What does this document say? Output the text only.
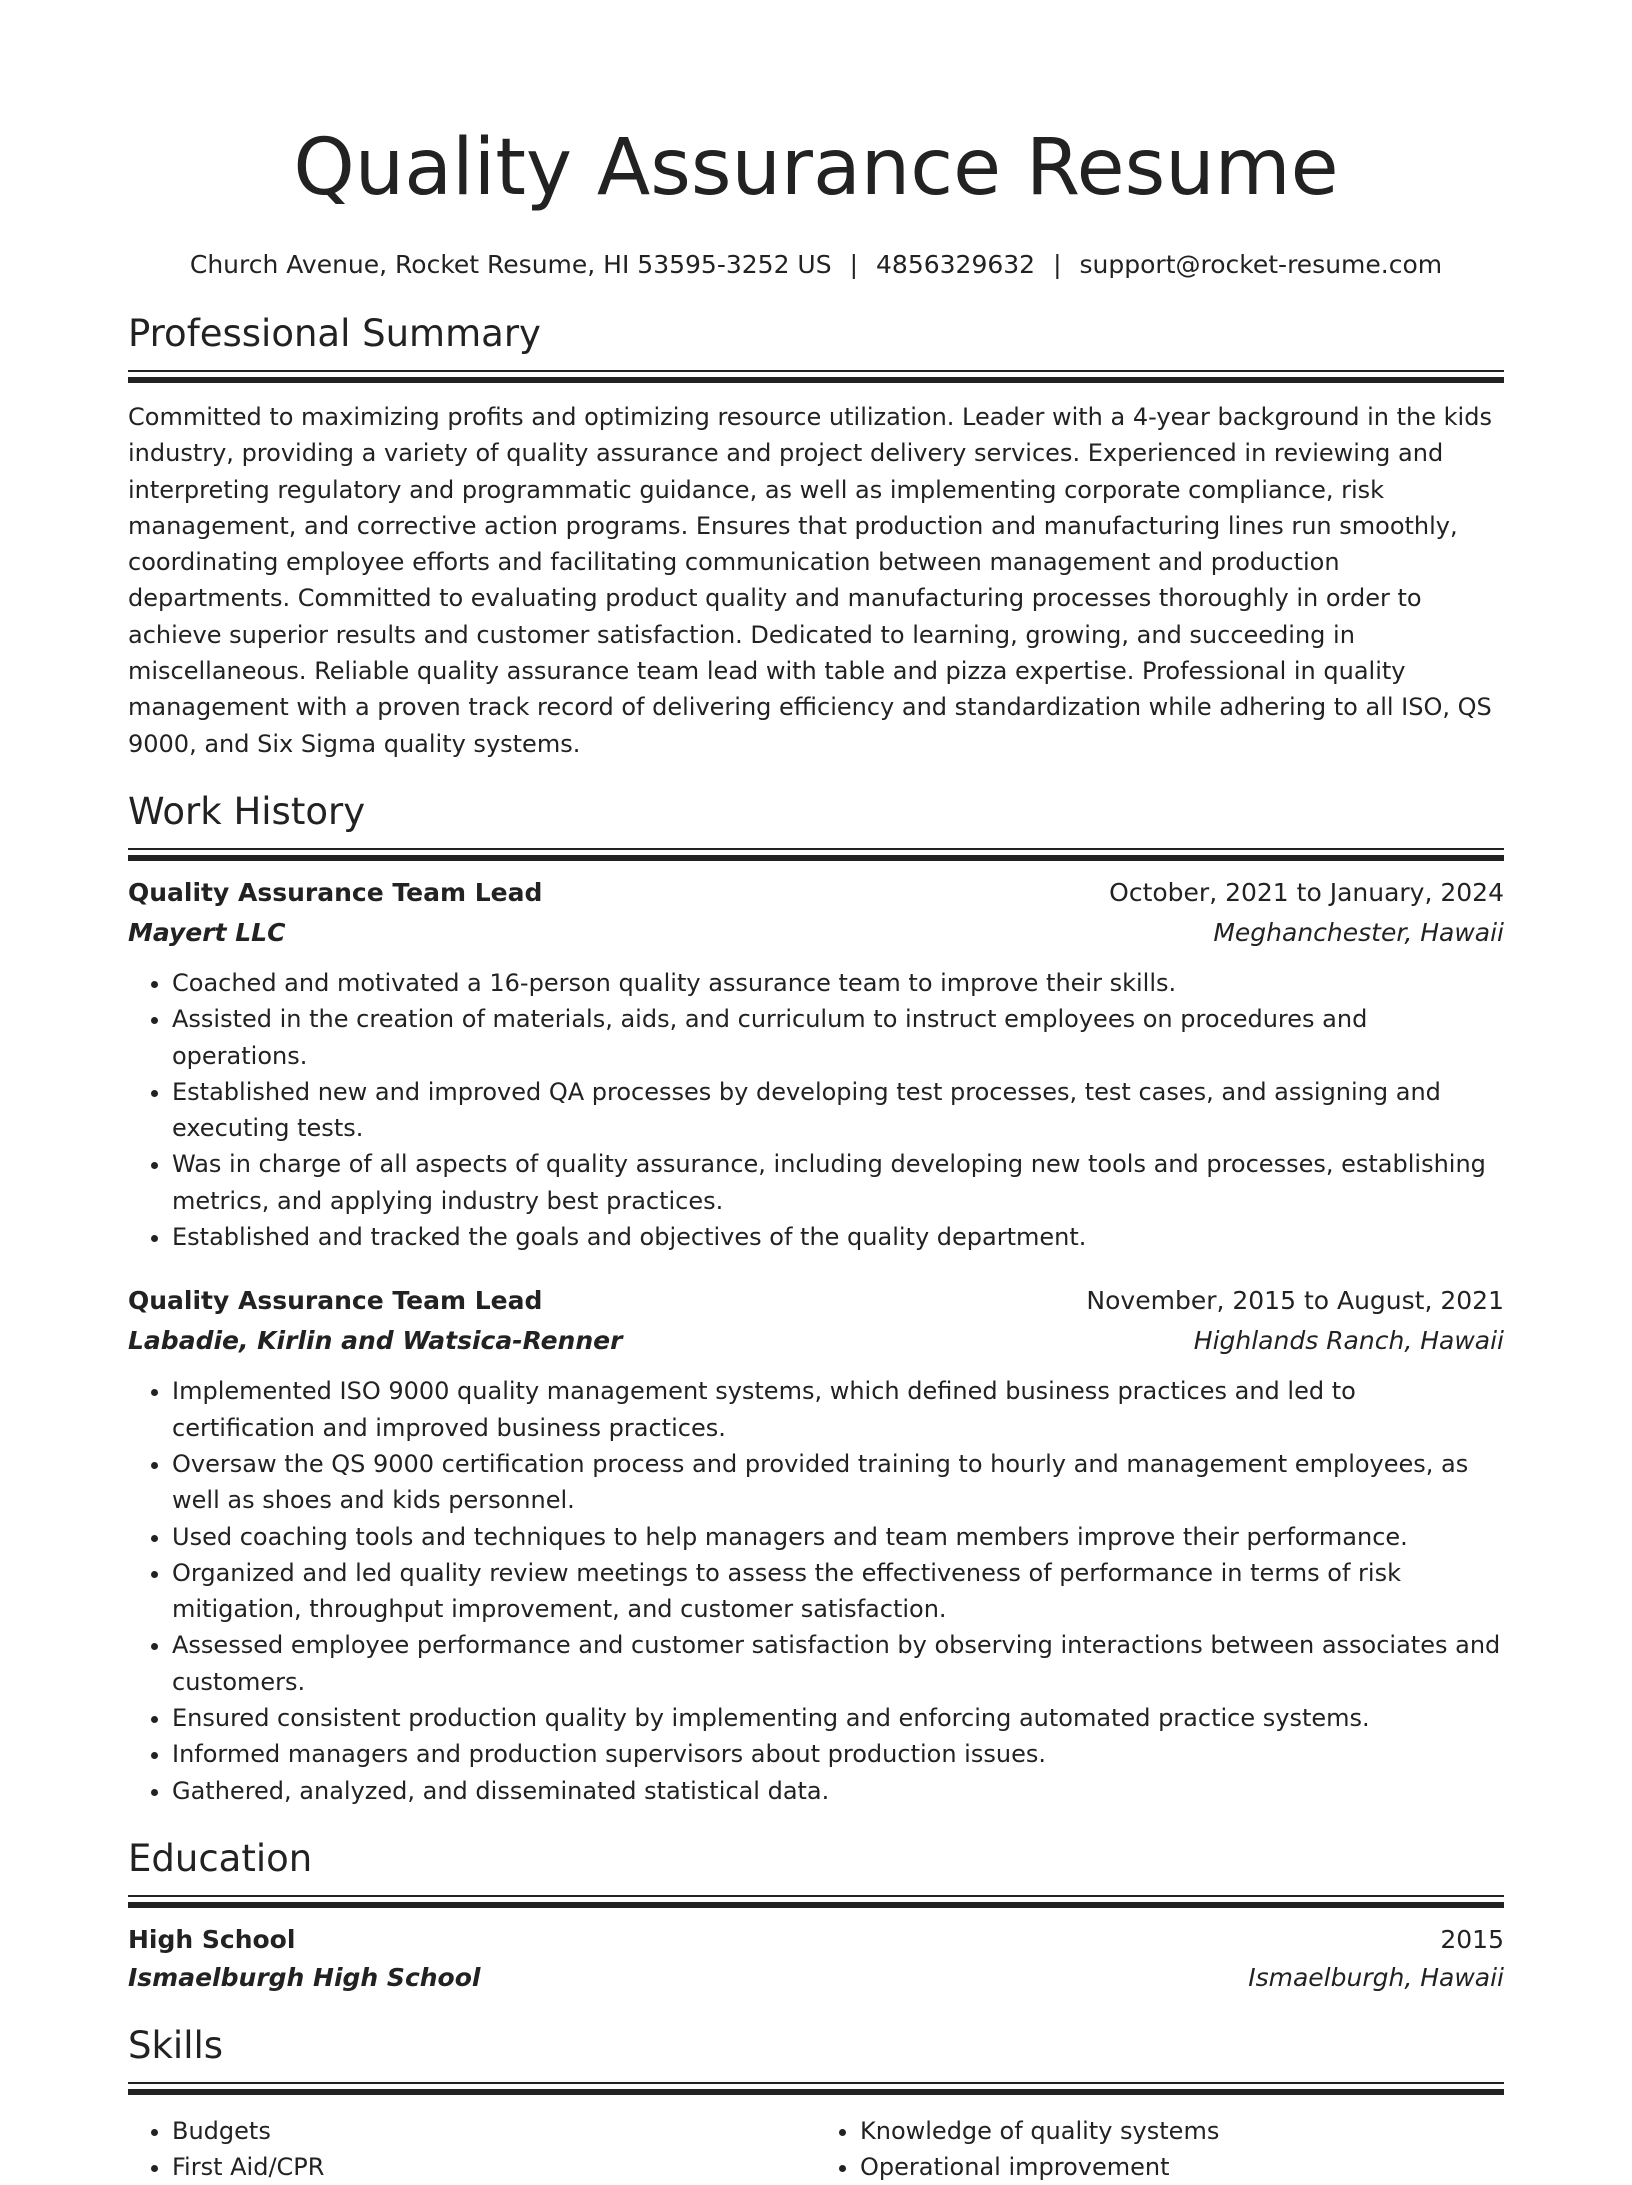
Quality Assurance Resume
Church Avenue, Rocket Resume, HI 53595-3252 US | 4856329632 | support@rocket-resume.com
Professional Summary

Committed to maximizing profits and optimizing resource utilization. Leader with a 4-year background in the kids industry, providing a variety of quality assurance and project delivery services. Experienced in reviewing and interpreting regulatory and programmatic guidance, as well as implementing corporate compliance, risk management, and corrective action programs. Ensures that production and manufacturing lines run smoothly, coordinating employee efforts and facilitating communication between management and production departments. Committed to evaluating product quality and manufacturing processes thoroughly in order to achieve superior results and customer satisfaction. Dedicated to learning, growing, and succeeding in miscellaneous. Reliable quality assurance team lead with table and pizza expertise. Professional in quality management with a proven track record of delivering efficiency and standardization while adhering to all ISO, QS 9000, and Six Sigma quality systems.

Work History
Quality Assurance Team Lead	October, 2021 to January, 2024
Mayert LLC	Meghanchester, Hawaii
• Coached and motivated a 16-person quality assurance team to improve their skills.
• Assisted in the creation of materials, aids, and curriculum to instruct employees on procedures and operations.
• Established new and improved QA processes by developing test processes, test cases, and assigning and executing tests.
• Was in charge of all aspects of quality assurance, including developing new tools and processes, establishing metrics, and applying industry best practices.
• Established and tracked the goals and objectives of the quality department.
Quality Assurance Team Lead	November, 2015 to August, 2021
Labadie, Kirlin and Watsica-Renner	Highlands Ranch, Hawaii
• Implemented ISO 9000 quality management systems, which defined business practices and led to certification and improved business practices.
• Oversaw the QS 9000 certification process and provided training to hourly and management employees, as well as shoes and kids personnel.
• Used coaching tools and techniques to help managers and team members improve their performance.
• Organized and led quality review meetings to assess the effectiveness of performance in terms of risk mitigation, throughput improvement, and customer satisfaction.
• Assessed employee performance and customer satisfaction by observing interactions between associates and customers.
• Ensured consistent production quality by implementing and enforcing automated practice systems.
• Informed managers and production supervisors about production issues.
• Gathered, analyzed, and disseminated statistical data.
Education
High School	2015
Ismaelburgh High School	Ismaelburgh, Hawaii
Skills
• Budgets
• First Aid/CPR
• Knowledge of quality systems
• Operational improvement
